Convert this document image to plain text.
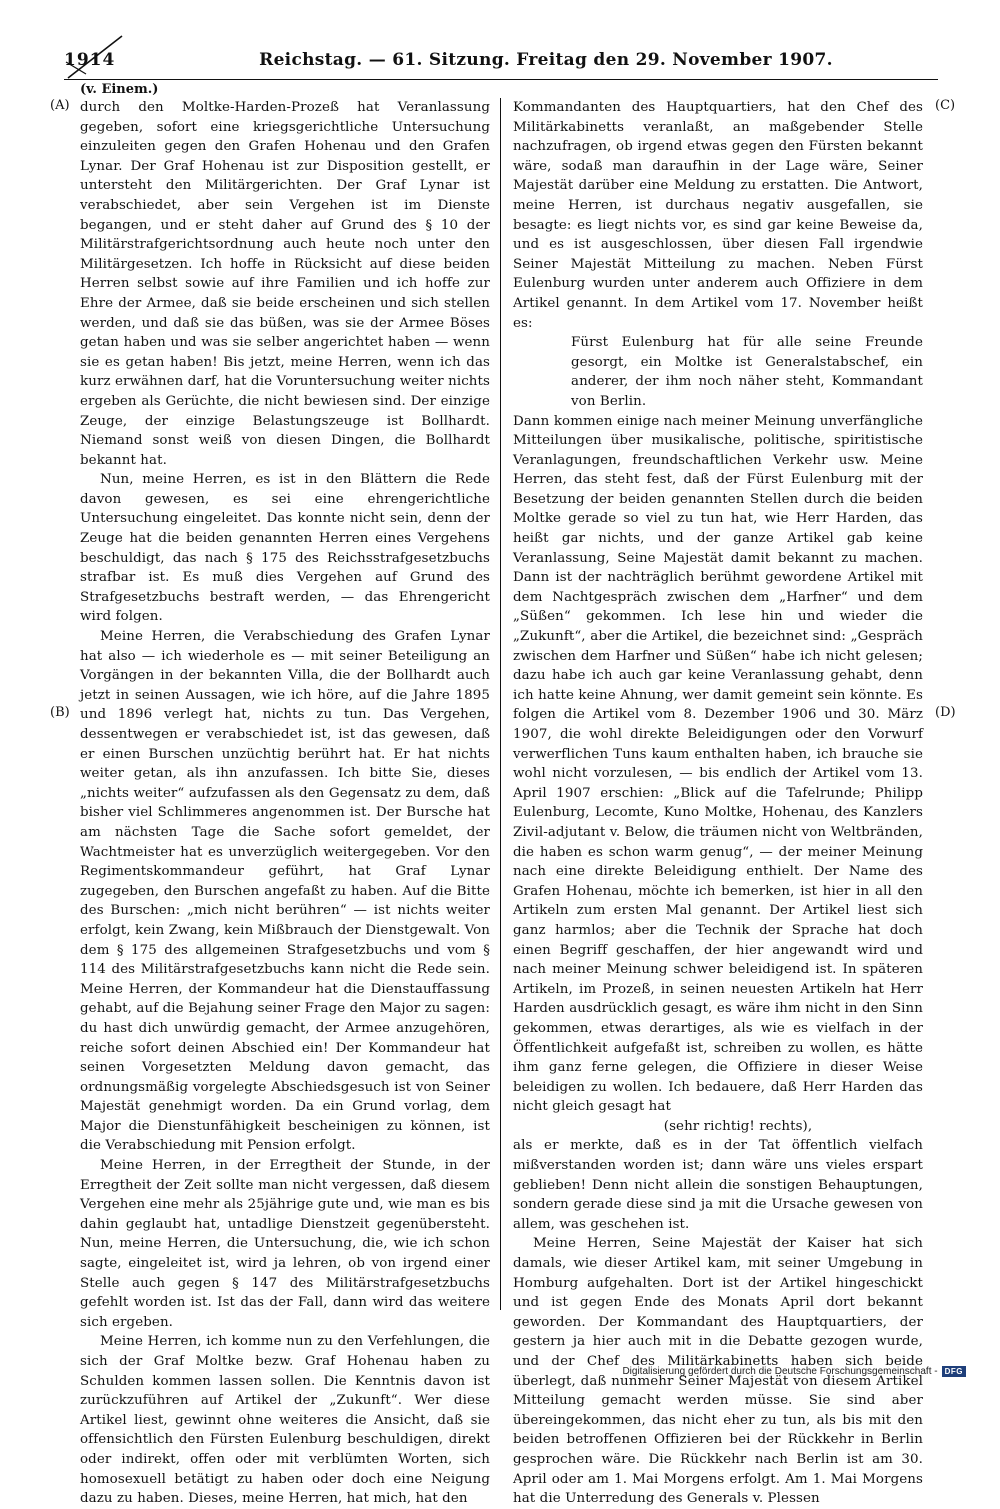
1914	Reichstag. — 61. Sitzung. Freitag den 29. November 1907.
(v. Einem.)
(A)
(B)
(C)
(D)

durch den Moltke-Harden-Prozeß hat Veranlassung gegeben, sofort eine kriegsgerichtliche Untersuchung einzuleiten gegen den Grafen Hohenau und den Grafen Lynar. Der Graf Hohenau ist zur Disposition gestellt, er untersteht den Militärgerichten. Der Graf Lynar ist verabschiedet, aber sein Vergehen ist im Dienste begangen, und er steht daher auf Grund des § 10 der Militärstrafgerichtsordnung auch heute noch unter den Militärgesetzen. Ich hoffe in Rücksicht auf diese beiden Herren selbst sowie auf ihre Familien und ich hoffe zur Ehre der Armee, daß sie beide erscheinen und sich stellen werden, und daß sie das büßen, was sie der Armee Böses getan haben und was sie selber angerichtet haben — wenn sie es getan haben! Bis jetzt, meine Herren, wenn ich das kurz erwähnen darf, hat die Voruntersuchung weiter nichts ergeben als Gerüchte, die nicht bewiesen sind. Der einzige Zeuge, der einzige Belastungszeuge ist Bollhardt. Niemand sonst weiß von diesen Dingen, die Bollhardt bekannt hat.

Nun, meine Herren, es ist in den Blättern die Rede davon gewesen, es sei eine ehrengerichtliche Untersuchung eingeleitet. Das konnte nicht sein, denn der Zeuge hat die beiden genannten Herren eines Vergehens beschuldigt, das nach § 175 des Reichsstrafgesetzbuchs strafbar ist. Es muß dies Vergehen auf Grund des Strafgesetzbuchs bestraft werden, — das Ehrengericht wird folgen.

Meine Herren, die Verabschiedung des Grafen Lynar hat also — ich wiederhole es — mit seiner Beteiligung an Vorgängen in der bekannten Villa, die der Bollhardt auch jetzt in seinen Aussagen, wie ich höre, auf die Jahre 1895 und 1896 verlegt hat, nichts zu tun. Das Vergehen, dessentwegen er verabschiedet ist, ist das gewesen, daß er einen Burschen unzüchtig berührt hat. Er hat nichts weiter getan, als ihn anzufassen. Ich bitte Sie, dieses „nichts weiter“ aufzufassen als den Gegensatz zu dem, daß bisher viel Schlimmeres angenommen ist. Der Bursche hat am nächsten Tage die Sache sofort gemeldet, der Wachtmeister hat es unverzüglich weitergegeben. Vor den Regimentskommandeur geführt, hat Graf Lynar zugegeben, den Burschen angefaßt zu haben. Auf die Bitte des Burschen: „mich nicht berühren“ — ist nichts weiter erfolgt, kein Zwang, kein Mißbrauch der Dienstgewalt. Von dem § 175 des allgemeinen Strafgesetzbuchs und vom § 114 des Militärstrafgesetzbuchs kann nicht die Rede sein. Meine Herren, der Kommandeur hat die Dienstauffassung gehabt, auf die Bejahung seiner Frage den Major zu sagen: du hast dich unwürdig gemacht, der Armee anzugehören, reiche sofort deinen Abschied ein! Der Kommandeur hat seinen Vorgesetzten Meldung davon gemacht, das ordnungsmäßig vorgelegte Abschiedsgesuch ist von Seiner Majestät genehmigt worden. Da ein Grund vorlag, dem Major die Dienstunfähigkeit bescheinigen zu können, ist die Verabschiedung mit Pension erfolgt.

Meine Herren, in der Erregtheit der Stunde, in der Erregtheit der Zeit sollte man nicht vergessen, daß diesem Vergehen eine mehr als 25jährige gute und, wie man es bis dahin geglaubt hat, untadlige Dienstzeit gegenübersteht. Nun, meine Herren, die Untersuchung, die, wie ich schon sagte, eingeleitet ist, wird ja lehren, ob von irgend einer Stelle auch gegen § 147 des Militärstrafgesetzbuchs gefehlt worden ist. Ist das der Fall, dann wird das weitere sich ergeben.

Meine Herren, ich komme nun zu den Verfehlungen, die sich der Graf Moltke bezw. Graf Hohenau haben zu Schulden kommen lassen sollen. Die Kenntnis davon ist zurückzuführen auf Artikel der „Zukunft“. Wer diese Artikel liest, gewinnt ohne weiteres die Ansicht, daß sie offensichtlich den Fürsten Eulenburg beschuldigen, direkt oder indirekt, offen oder mit verblümten Worten, sich homosexuell betätigt zu haben oder doch eine Neigung dazu zu haben. Dieses, meine Herren, hat mich, hat den

Kommandanten des Hauptquartiers, hat den Chef des Militärkabinetts veranlaßt, an maßgebender Stelle nachzufragen, ob irgend etwas gegen den Fürsten bekannt wäre, sodaß man daraufhin in der Lage wäre, Seiner Majestät darüber eine Meldung zu erstatten. Die Antwort, meine Herren, ist durchaus negativ ausgefallen, sie besagte: es liegt nichts vor, es sind gar keine Beweise da, und es ist ausgeschlossen, über diesen Fall irgendwie Seiner Majestät Mitteilung zu machen. Neben Fürst Eulenburg wurden unter anderem auch Offiziere in dem Artikel genannt. In dem Artikel vom 17. November heißt es:

Fürst Eulenburg hat für alle seine Freunde gesorgt, ein Moltke ist Generalstabschef, ein anderer, der ihm noch näher steht, Kommandant von Berlin.

Dann kommen einige nach meiner Meinung unverfängliche Mitteilungen über musikalische, politische, spiritistische Veranlagungen, freundschaftlichen Verkehr usw. Meine Herren, das steht fest, daß der Fürst Eulenburg mit der Besetzung der beiden genannten Stellen durch die beiden Moltke gerade so viel zu tun hat, wie Herr Harden, das heißt gar nichts, und der ganze Artikel gab keine Veranlassung, Seine Majestät damit bekannt zu machen. Dann ist der nachträglich berühmt gewordene Artikel mit dem Nachtgespräch zwischen dem „Harfner“ und dem „Süßen“ gekommen. Ich lese hin und wieder die „Zukunft“, aber die Artikel, die bezeichnet sind: „Gespräch zwischen dem Harfner und Süßen“ habe ich nicht gelesen; dazu habe ich auch gar keine Veranlassung gehabt, denn ich hatte keine Ahnung, wer damit gemeint sein könnte. Es folgen die Artikel vom 8. Dezember 1906 und 30. März 1907, die wohl direkte Beleidigungen oder den Vorwurf verwerflichen Tuns kaum enthalten haben, ich brauche sie wohl nicht vorzulesen, — bis endlich der Artikel vom 13. April 1907 erschien: „Blick auf die Tafelrunde; Philipp Eulenburg, Lecomte, Kuno Moltke, Hohenau, des Kanzlers Zivil-adjutant v. Below, die träumen nicht von Weltbränden, die haben es schon warm genug“, — der meiner Meinung nach eine direkte Beleidigung enthielt. Der Name des Grafen Hohenau, möchte ich bemerken, ist hier in all den Artikeln zum ersten Mal genannt. Der Artikel liest sich ganz harmlos; aber die Technik der Sprache hat doch einen Begriff geschaffen, der hier angewandt wird und nach meiner Meinung schwer beleidigend ist. In späteren Artikeln, im Prozeß, in seinen neuesten Artikeln hat Herr Harden ausdrücklich gesagt, es wäre ihm nicht in den Sinn gekommen, etwas derartiges, als wie es vielfach in der Öffentlichkeit aufgefaßt ist, schreiben zu wollen, es hätte ihm ganz ferne gelegen, die Offiziere in dieser Weise beleidigen zu wollen. Ich bedauere, daß Herr Harden das nicht gleich gesagt hat

(sehr richtig! rechts),

als er merkte, daß es in der Tat öffentlich vielfach mißverstanden worden ist; dann wäre uns vieles erspart geblieben! Denn nicht allein die sonstigen Behauptungen, sondern gerade diese sind ja mit die Ursache gewesen von allem, was geschehen ist.

Meine Herren, Seine Majestät der Kaiser hat sich damals, wie dieser Artikel kam, mit seiner Umgebung in Homburg aufgehalten. Dort ist der Artikel hingeschickt und ist gegen Ende des Monats April dort bekannt geworden. Der Kommandant des Hauptquartiers, der gestern ja hier auch mit in die Debatte gezogen wurde, und der Chef des Militärkabinetts haben sich beide überlegt, daß nunmehr Seiner Majestät von diesem Artikel Mitteilung gemacht werden müsse. Sie sind aber übereingekommen, das nicht eher zu tun, als bis mit den beiden betroffenen Offizieren bei der Rückkehr in Berlin gesprochen wäre. Die Rückkehr nach Berlin ist am 30. April oder am 1. Mai Morgens erfolgt. Am 1. Mai Morgens hat die Unterredung des Generals v. Plessen

Digitalisierung gefördert durch die Deutsche Forschungsgemeinschaft - DFG
